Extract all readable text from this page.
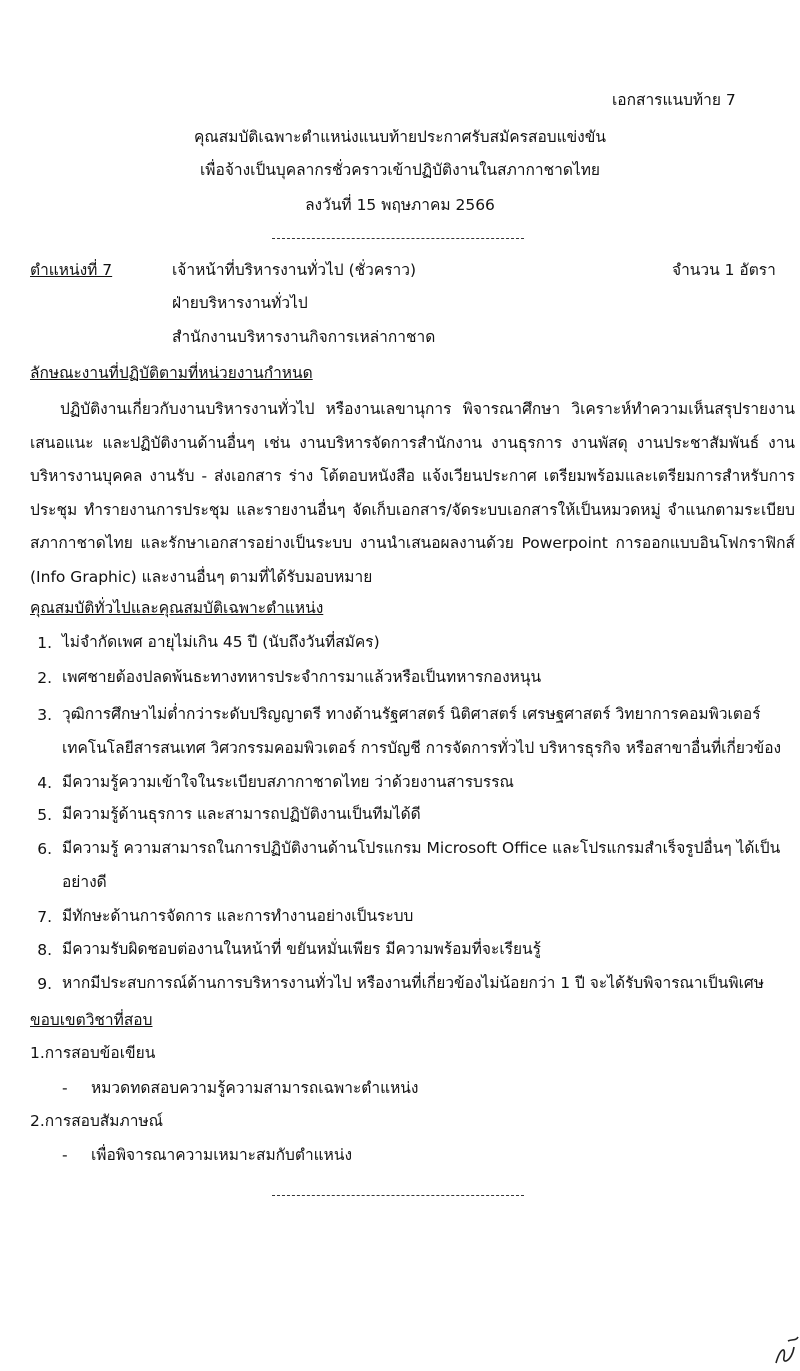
เอกสารแนบท้าย 7
คุณสมบัติเฉพาะตำแหน่งแนบท้ายประกาศรับสมัครสอบแข่งขัน
เพื่อจ้างเป็นบุคลากรชั่วคราวเข้าปฏิบัติงานในสภากาชาดไทย
ลงวันที่ 15 พฤษภาคม 2566
ตำแหน่งที่ 7	เจ้าหน้าที่บริหารงานทั่วไป (ชั่วคราว)	จำนวน 1 อัตรา
ฝ่ายบริหารงานทั่วไป
สำนักงานบริหารงานกิจการเหล่ากาชาด
ลักษณะงานที่ปฏิบัติตามที่หน่วยงานกำหนด
ปฏิบัติงานเกี่ยวกับงานบริหารงานทั่วไป หรืองานเลขานุการ พิจารณาศึกษา วิเคราะห์ทำความเห็นสรุปรายงาน เสนอแนะ และปฏิบัติงานด้านอื่นๆ เช่น งานบริหารจัดการสำนักงาน งานธุรการ งานพัสดุ งานประชาสัมพันธ์ งานบริหารงานบุคคล งานรับ - ส่งเอกสาร ร่าง โต้ตอบหนังสือ แจ้งเวียนประกาศ เตรียมพร้อมและเตรียมการสำหรับการประชุม ทำรายงานการประชุม และรายงานอื่นๆ จัดเก็บเอกสาร/จัดระบบเอกสารให้เป็นหมวดหมู่ จำแนกตามระเบียบสภากาชาดไทย และรักษาเอกสารอย่างเป็นระบบ งานนำเสนอผลงานด้วย Powerpoint การออกแบบอินโฟกราฟิกส์ (Info Graphic) และงานอื่นๆ ตามที่ได้รับมอบหมาย
คุณสมบัติทั่วไปและคุณสมบัติเฉพาะตำแหน่ง
1. ไม่จำกัดเพศ อายุไม่เกิน 45 ปี (นับถึงวันที่สมัคร)
2. เพศชายต้องปลดพ้นธะทางทหารประจำการมาแล้วหรือเป็นทหารกองหนุน
3. วุฒิการศึกษาไม่ต่ำกว่าระดับปริญญาตรี ทางด้านรัฐศาสตร์ นิติศาสตร์ เศรษฐศาสตร์ วิทยาการคอมพิวเตอร์ เทคโนโลยีสารสนเทศ วิศวกรรมคอมพิวเตอร์ การบัญชี การจัดการทั่วไป บริหารธุรกิจ หรือสาขาอื่นที่เกี่ยวข้อง
4. มีความรู้ความเข้าใจในระเบียบสภากาชาดไทย ว่าด้วยงานสารบรรณ
5. มีความรู้ด้านธุรการ และสามารถปฏิบัติงานเป็นทีมได้ดี
6. มีความรู้ ความสามารถในการปฏิบัติงานด้านโปรแกรม Microsoft Office และโปรแกรมสำเร็จรูปอื่นๆ ได้เป็นอย่างดี
7. มีทักษะด้านการจัดการ และการทำงานอย่างเป็นระบบ
8. มีความรับผิดชอบต่องานในหน้าที่ ขยันหมั่นเพียร มีความพร้อมที่จะเรียนรู้
9. หากมีประสบการณ์ด้านการบริหารงานทั่วไป หรืองานที่เกี่ยวข้องไม่น้อยกว่า 1 ปี จะได้รับพิจารณาเป็นพิเศษ
ขอบเขตวิชาที่สอบ
1.การสอบข้อเขียน
- หมวดทดสอบความรู้ความสามารถเฉพาะตำแหน่ง
2.การสอบสัมภาษณ์
- เพื่อพิจารณาความเหมาะสมกับตำแหน่ง
